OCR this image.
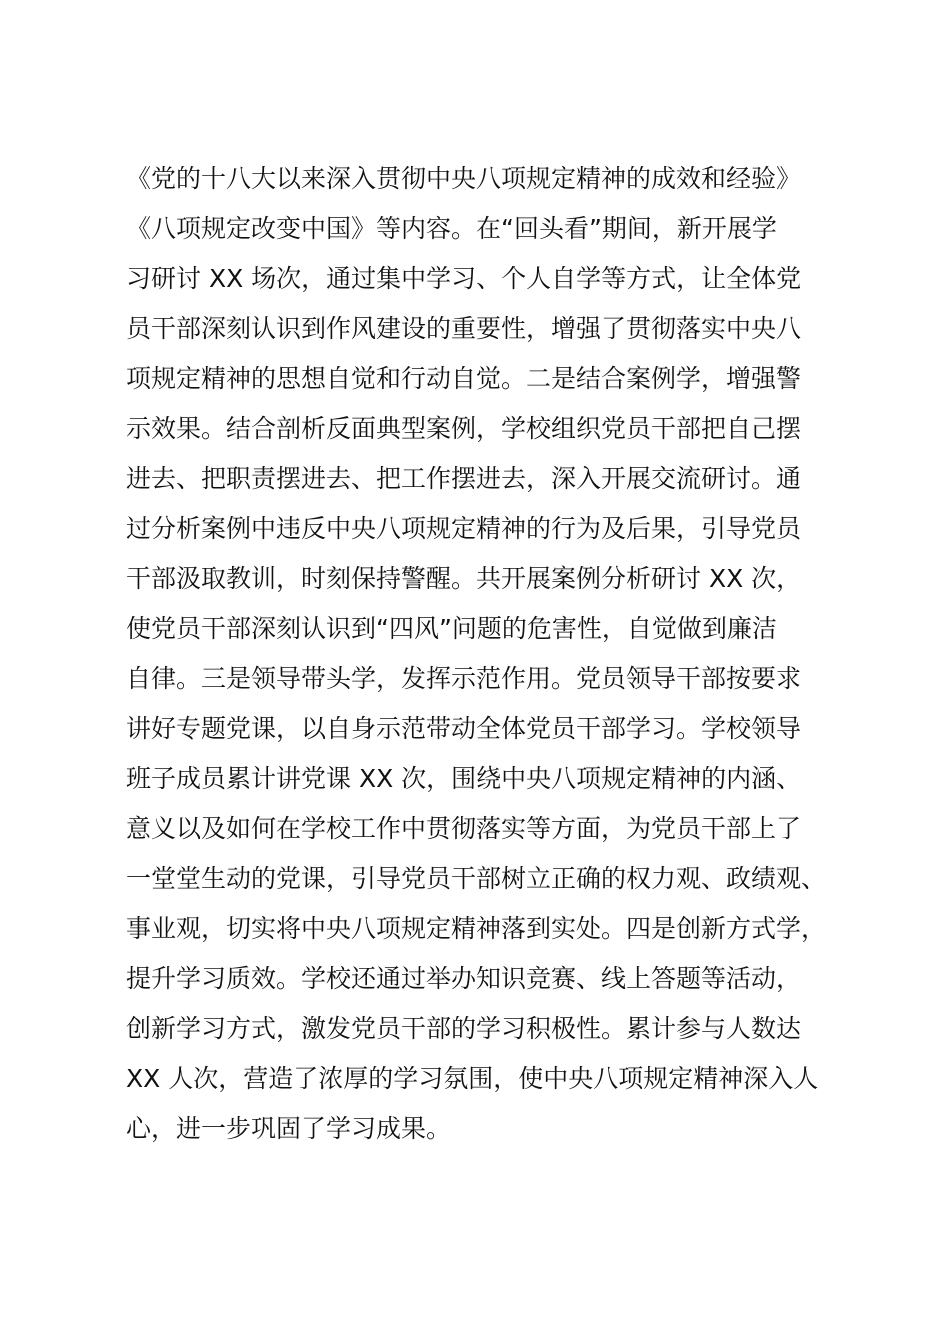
《党的十八大以来深入贯彻中央八项规定精神的成效和经验》
《八项规定改变中国》等内容。在“回头看”期间，新开展学
习研讨 XX 场次，通过集中学习、个人自学等方式，让全体党
员干部深刻认识到作风建设的重要性，增强了贯彻落实中央八
项规定精神的思想自觉和行动自觉。二是结合案例学，增强警
示效果。结合剖析反面典型案例，学校组织党员干部把自己摆
进去、把职责摆进去、把工作摆进去，深入开展交流研讨。通
过分析案例中违反中央八项规定精神的行为及后果，引导党员
干部汲取教训，时刻保持警醒。共开展案例分析研讨 XX 次，
使党员干部深刻认识到“四风”问题的危害性，自觉做到廉洁
自律。三是领导带头学，发挥示范作用。党员领导干部按要求
讲好专题党课，以自身示范带动全体党员干部学习。学校领导
班子成员累计讲党课 XX 次，围绕中央八项规定精神的内涵、
意义以及如何在学校工作中贯彻落实等方面，为党员干部上了
一堂堂生动的党课，引导党员干部树立正确的权力观、政绩观、
事业观，切实将中央八项规定精神落到实处。四是创新方式学，
提升学习质效。学校还通过举办知识竞赛、线上答题等活动，
创新学习方式，激发党员干部的学习积极性。累计参与人数达
XX 人次，营造了浓厚的学习氛围，使中央八项规定精神深入人
心，进一步巩固了学习成果。
